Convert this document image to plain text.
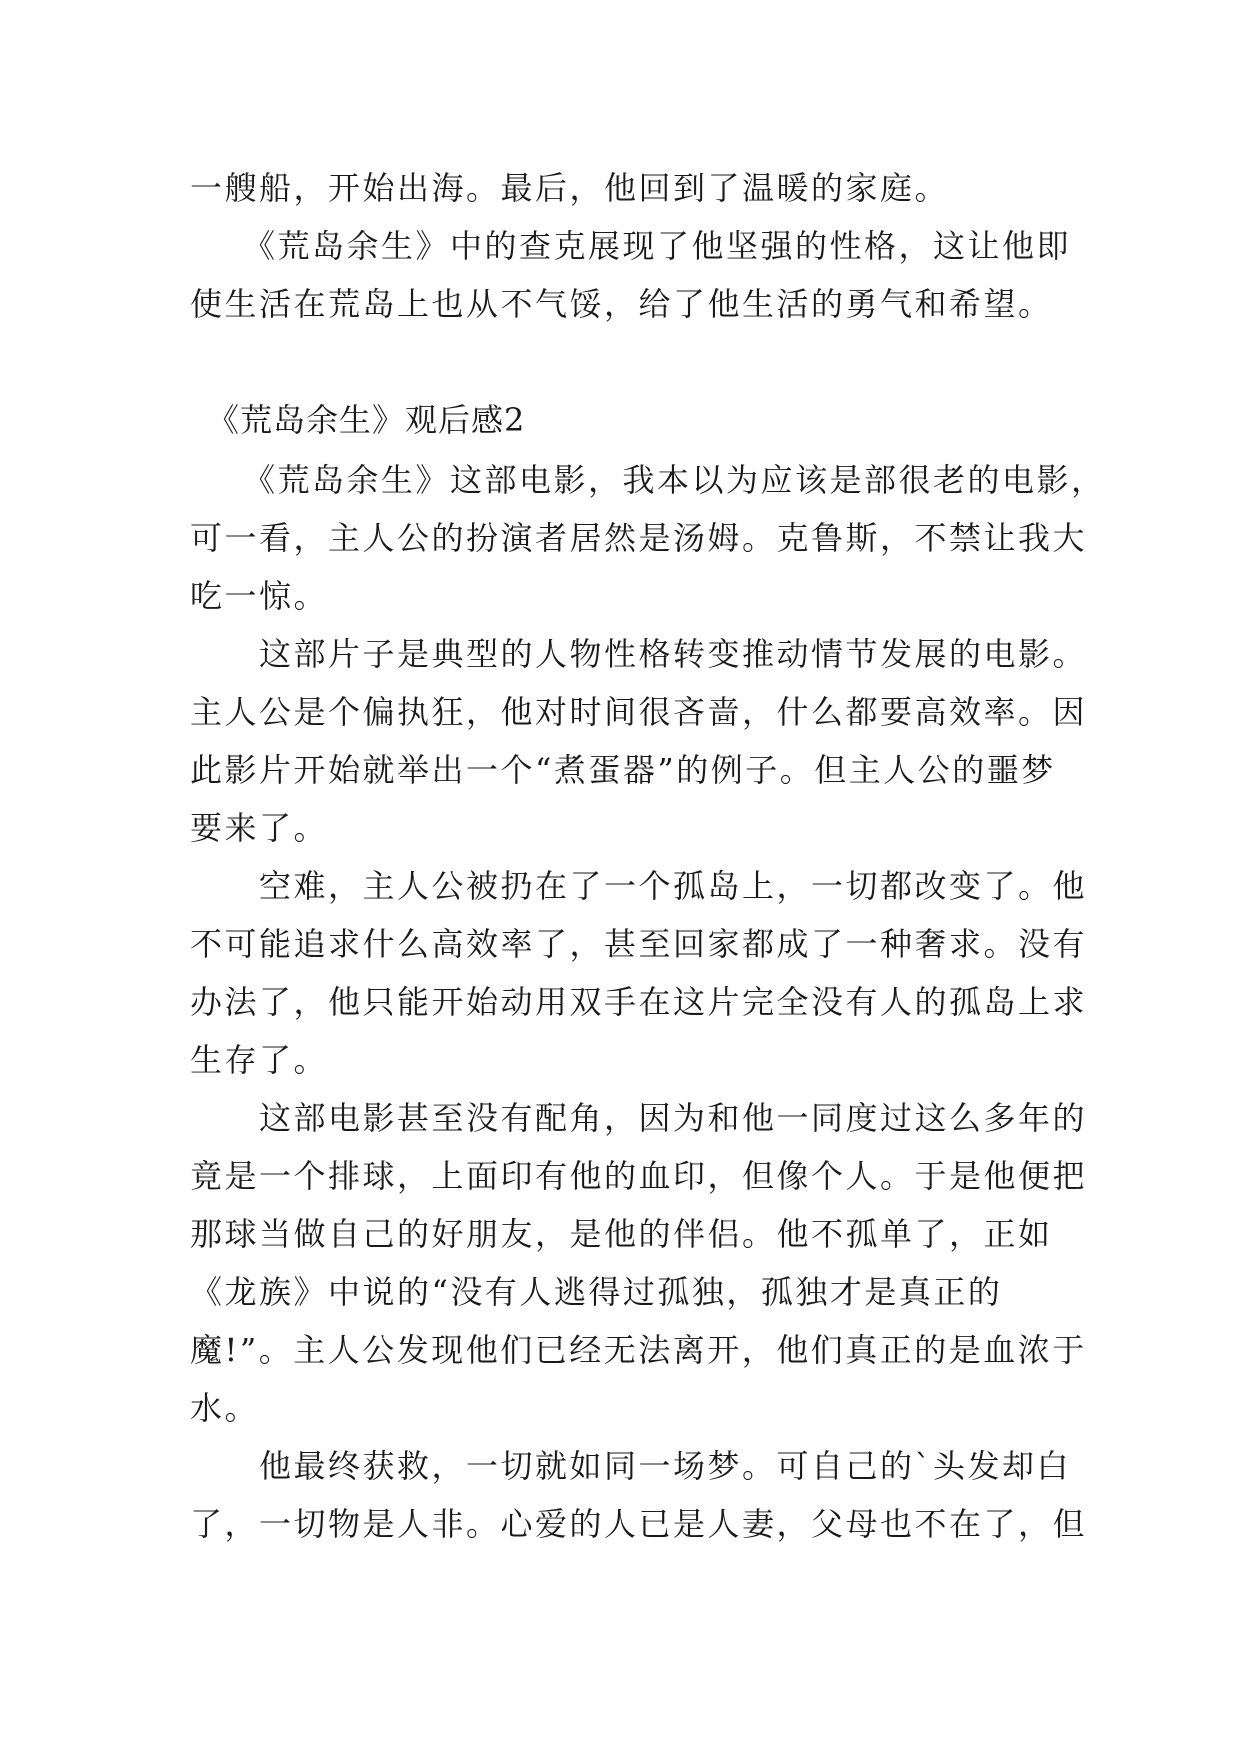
一艘船，开始出海。最后，他回到了温暖的家庭。
　　《荒岛余生》中的查克展现了他坚强的性格，这让他即
使生活在荒岛上也从不气馁，给了他生活的勇气和希望。
《荒岛余生》观后感2
　　《荒岛余生》这部电影，我本以为应该是部很老的电影，
可一看，主人公的扮演者居然是汤姆。克鲁斯，不禁让我大
吃一惊。
　　这部片子是典型的人物性格转变推动情节发展的电影。
主人公是个偏执狂，他对时间很吝啬，什么都要高效率。因
此影片开始就举出一个“煮蛋器”的例子。但主人公的噩梦
要来了。
　　空难，主人公被扔在了一个孤岛上，一切都改变了。他
不可能追求什么高效率了，甚至回家都成了一种奢求。没有
办法了，他只能开始动用双手在这片完全没有人的孤岛上求
生存了。
　　这部电影甚至没有配角，因为和他一同度过这么多年的
竟是一个排球，上面印有他的血印，但像个人。于是他便把
那球当做自己的好朋友，是他的伴侣。他不孤单了，正如
《龙族》中说的“没有人逃得过孤独，孤独才是真正的
魔!”。主人公发现他们已经无法离开，他们真正的是血浓于
水。
　　他最终获救，一切就如同一场梦。可自己的`头发却白
了，一切物是人非。心爱的人已是人妻，父母也不在了，但
